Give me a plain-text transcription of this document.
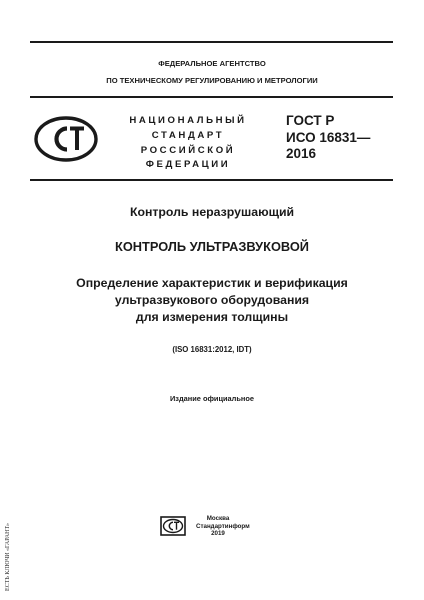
ФЕДЕРАЛЬНОЕ АГЕНТСТВО
ПО ТЕХНИЧЕСКОМУ РЕГУЛИРОВАНИЮ И МЕТРОЛОГИИ
НАЦИОНАЛЬНЫЙ
СТАНДАРТ
РОССИЙСКОЙ
ФЕДЕРАЦИИ
ГОСТ Р
ИСО 16831—
2016
Контроль неразрушающий
КОНТРОЛЬ УЛЬТРАЗВУКОВОЙ
Определение характеристик и верификация
ультразвукового оборудования
для измерения толщины
(ISO 16831:2012, IDT)
Издание официальное
Москва
Стандартинформ
2019
ЕСТЬ КЛЮЧИ «ГАРАНТ»
